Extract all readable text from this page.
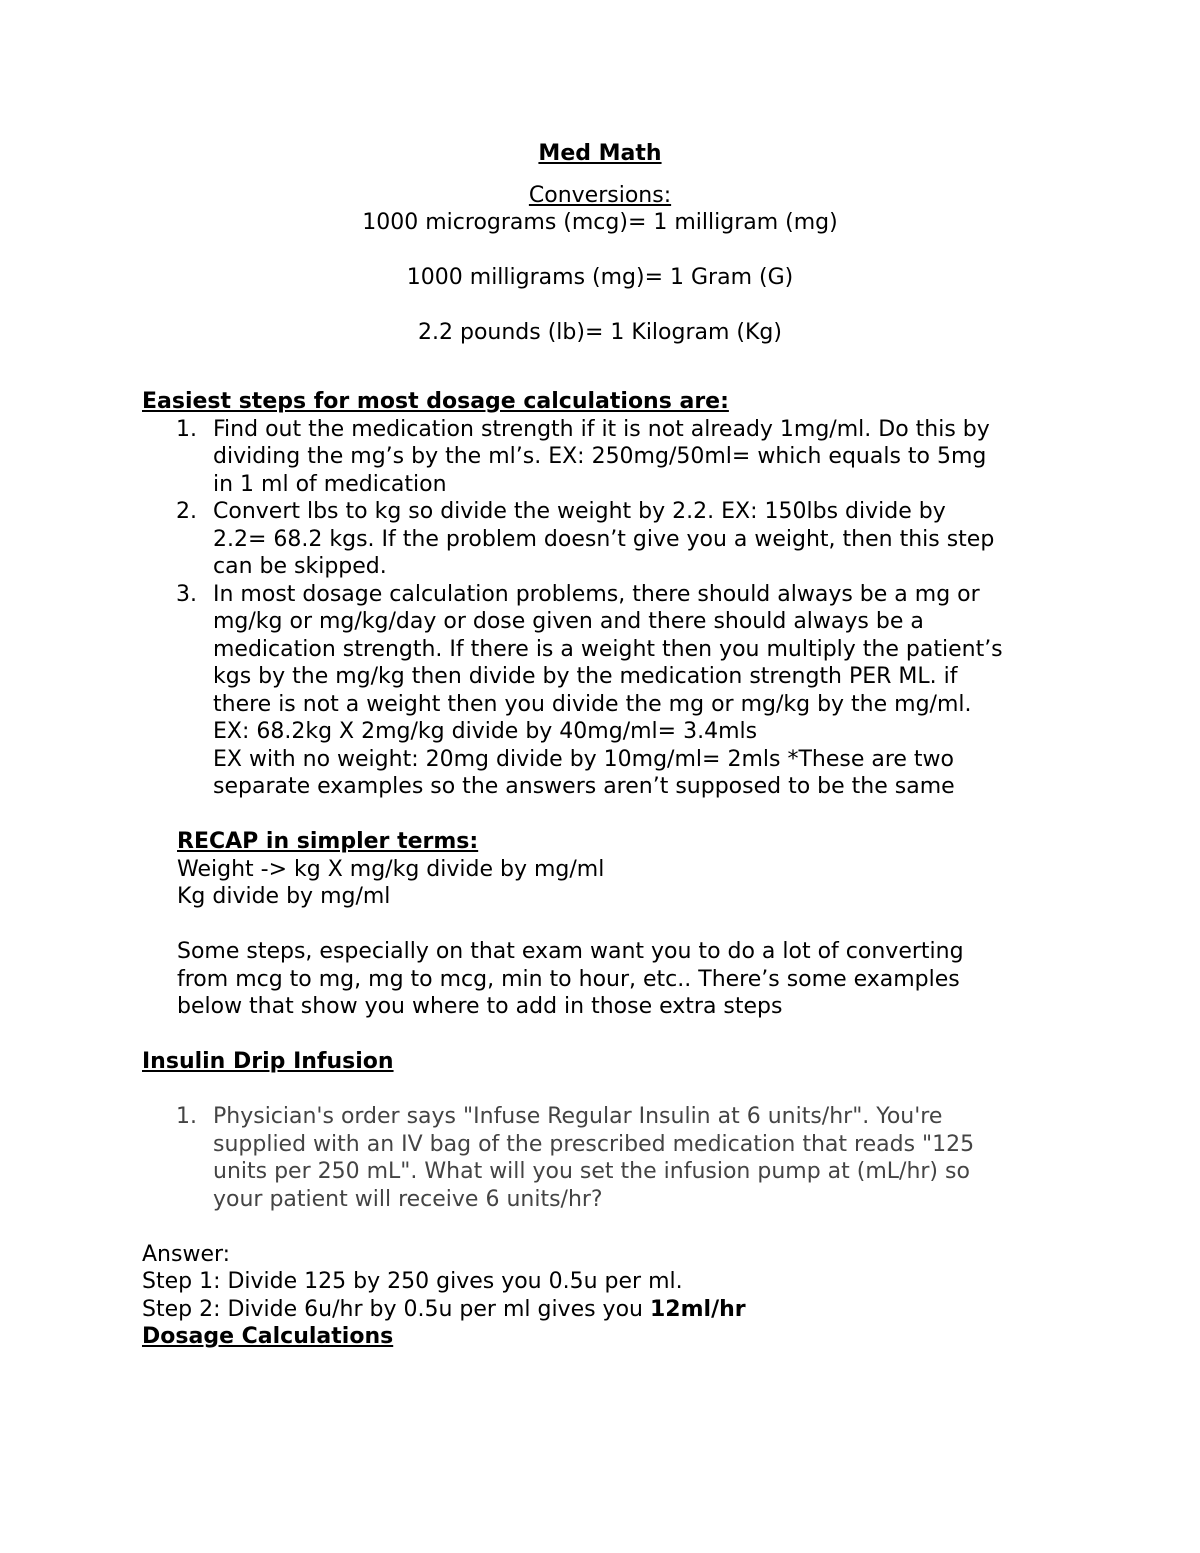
Med Math
Conversions:
1000 micrograms (mcg)= 1 milligram (mg)
1000 milligrams (mg)= 1 Gram (G)
2.2 pounds (lb)= 1 Kilogram (Kg)
Easiest steps for most dosage calculations are:
1. Find out the medication strength if it is not already 1mg/ml. Do this by
dividing the mg’s by the ml’s. EX: 250mg/50ml= which equals to 5mg
in 1 ml of medication
2. Convert lbs to kg so divide the weight by 2.2. EX: 150lbs divide by
2.2= 68.2 kgs. If the problem doesn’t give you a weight, then this step
can be skipped.
3. In most dosage calculation problems, there should always be a mg or
mg/kg or mg/kg/day or dose given and there should always be a
medication strength. If there is a weight then you multiply the patient’s
kgs by the mg/kg then divide by the medication strength PER ML. if
there is not a weight then you divide the mg or mg/kg by the mg/ml.
EX: 68.2kg X 2mg/kg divide by 40mg/ml= 3.4mls
EX with no weight: 20mg divide by 10mg/ml= 2mls *These are two
separate examples so the answers aren’t supposed to be the same
RECAP in simpler terms:
Weight -> kg X mg/kg divide by mg/ml
Kg divide by mg/ml
Some steps, especially on that exam want you to do a lot of converting
from mcg to mg, mg to mcg, min to hour, etc.. There’s some examples
below that show you where to add in those extra steps
Insulin Drip Infusion
1. Physician's order says "Infuse Regular Insulin at 6 units/hr". You're
supplied with an IV bag of the prescribed medication that reads "125
units per 250 mL". What will you set the infusion pump at (mL/hr) so
your patient will receive 6 units/hr?
Answer:
Step 1: Divide 125 by 250 gives you 0.5u per ml.
Step 2: Divide 6u/hr by 0.5u per ml gives you 12ml/hr
Dosage Calculations
